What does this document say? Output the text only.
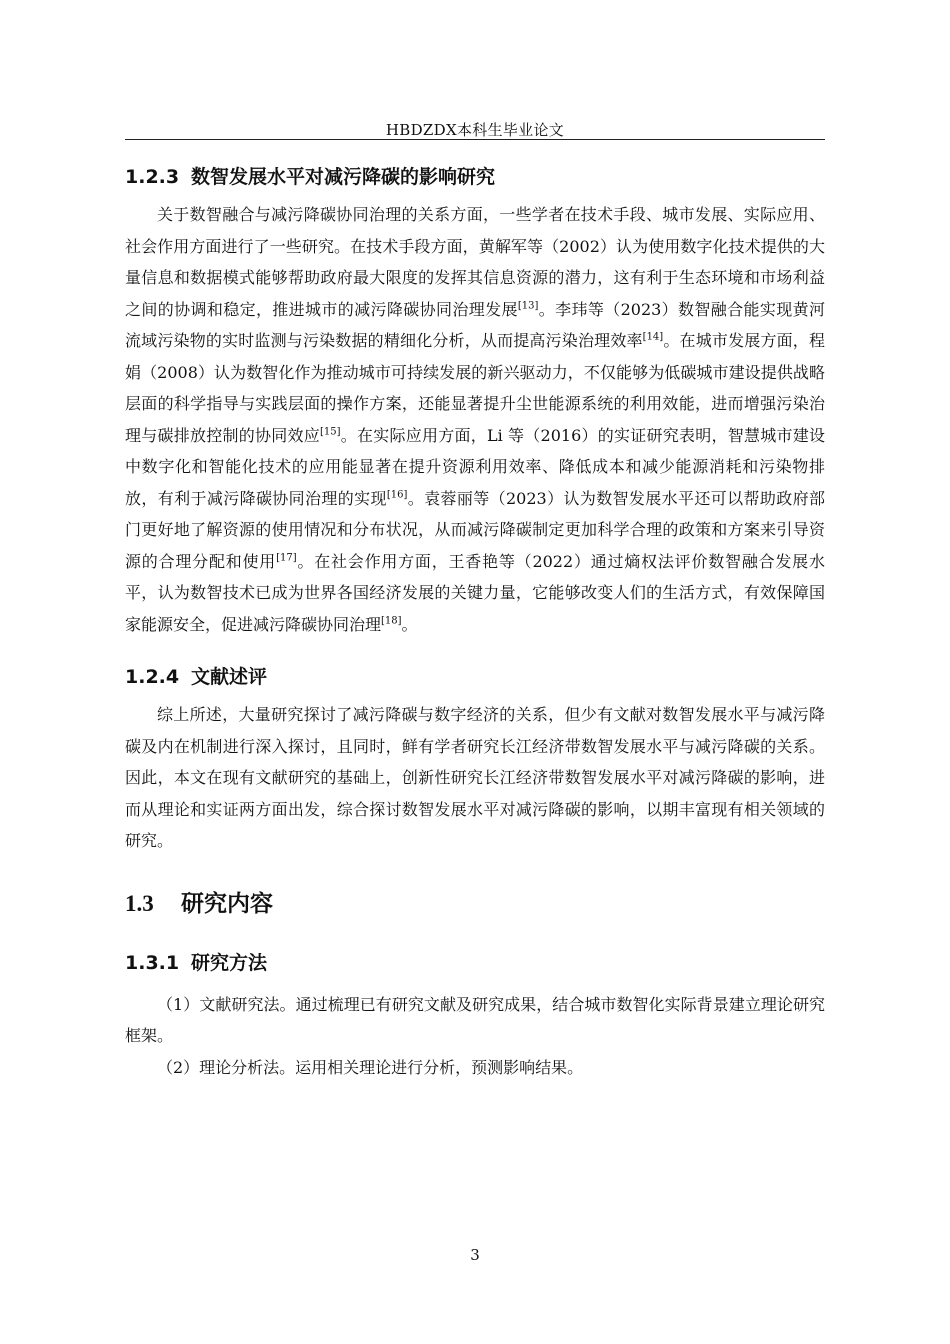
HBDZDX本科生毕业论文
1.2.3 数智发展水平对减污降碳的影响研究

关于数智融合与减污降碳协同治理的关系方面，一些学者在技术手段、城市发展、实际应用、社会作用方面进行了一些研究。在技术手段方面，黄解军等（2002）认为使用数字化技术提供的大量信息和数据模式能够帮助政府最大限度的发挥其信息资源的潜力，这有利于生态环境和市场利益之间的协调和稳定，推进城市的减污降碳协同治理发展[13]。李玮等（2023）数智融合能实现黄河流域污染物的实时监测与污染数据的精细化分析，从而提高污染治理效率[14]。在城市发展方面，程娟（2008）认为数智化作为推动城市可持续发展的新兴驱动力，不仅能够为低碳城市建设提供战略层面的科学指导与实践层面的操作方案，还能显著提升尘世能源系统的利用效能，进而增强污染治理与碳排放控制的协同效应[15]。在实际应用方面，Li 等（2016）的实证研究表明，智慧城市建设中数字化和智能化技术的应用能显著在提升资源利用效率、降低成本和减少能源消耗和污染物排放，有利于减污降碳协同治理的实现[16]。袁蓉丽等（2023）认为数智发展水平还可以帮助政府部门更好地了解资源的使用情况和分布状况，从而减污降碳制定更加科学合理的政策和方案来引导资源的合理分配和使用[17]。在社会作用方面，王香艳等（2022）通过熵权法评价数智融合发展水平，认为数智技术已成为世界各国经济发展的关键力量，它能够改变人们的生活方式，有效保障国家能源安全，促进减污降碳协同治理[18]。

1.2.4 文献述评

综上所述，大量研究探讨了减污降碳与数字经济的关系，但少有文献对数智发展水平与减污降碳及内在机制进行深入探讨，且同时，鲜有学者研究长江经济带数智发展水平与减污降碳的关系。因此，本文在现有文献研究的基础上，创新性研究长江经济带数智发展水平对减污降碳的影响，进而从理论和实证两方面出发，综合探讨数智发展水平对减污降碳的影响，以期丰富现有相关领域的研究。

1.3 研究内容
1.3.1 研究方法

（1）文献研究法。通过梳理已有研究文献及研究成果，结合城市数智化实际背景建立理论研究框架。

（2）理论分析法。运用相关理论进行分析，预测影响结果。

3
